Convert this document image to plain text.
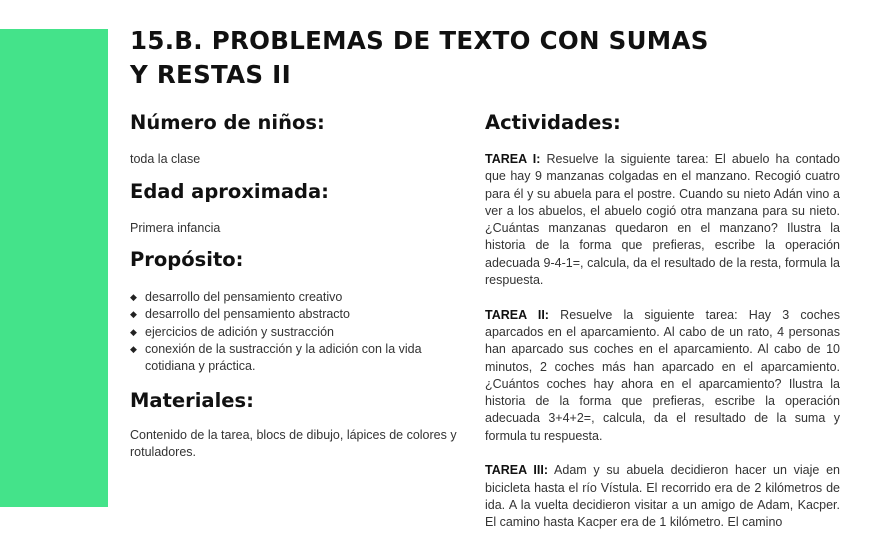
15.B. PROBLEMAS DE TEXTO CON SUMAS
Y RESTAS II
Número de niños:
toda la clase
Edad aproximada:
Primera infancia
Propósito:
◆ desarrollo del pensamiento creativo
◆ desarrollo del pensamiento abstracto
◆ ejercicios de adición y sustracción
◆ conexión de la sustracción y la adición con la vida cotidiana y práctica.
Materiales:
Contenido de la tarea, blocs de dibujo, lápices de colores y rotuladores.
Actividades:

TAREA I: Resuelve la siguiente tarea: El abuelo ha contado que hay 9 manzanas colgadas en el manzano. Recogió cuatro para él y su abuela para el postre. Cuando su nieto Adán vino a ver a los abuelos, el abuelo cogió otra manzana para su nieto. ¿Cuántas manzanas quedaron en el manzano? Ilustra la historia de la forma que prefieras, escribe la operación adecuada 9-4-1=, calcula, da el resultado de la resta, formula la respuesta.

TAREA II: Resuelve la siguiente tarea: Hay 3 coches aparcados en el aparcamiento. Al cabo de un rato, 4 personas han aparcado sus coches en el aparcamiento. Al cabo de 10 minutos, 2 coches más han aparcado en el aparcamiento. ¿Cuántos coches hay ahora en el aparcamiento? Ilustra la historia de la forma que prefieras, escribe la operación adecuada 3+4+2=, calcula, da el resultado de la suma y formula tu respuesta.

TAREA III: Adam y su abuela decidieron hacer un viaje en bicicleta hasta el río Vístula. El recorrido era de 2 kilómetros de ida. A la vuelta decidieron visitar a un amigo de Adam, Kacper. El camino hasta Kacper era de 1 kilómetro. El camino
